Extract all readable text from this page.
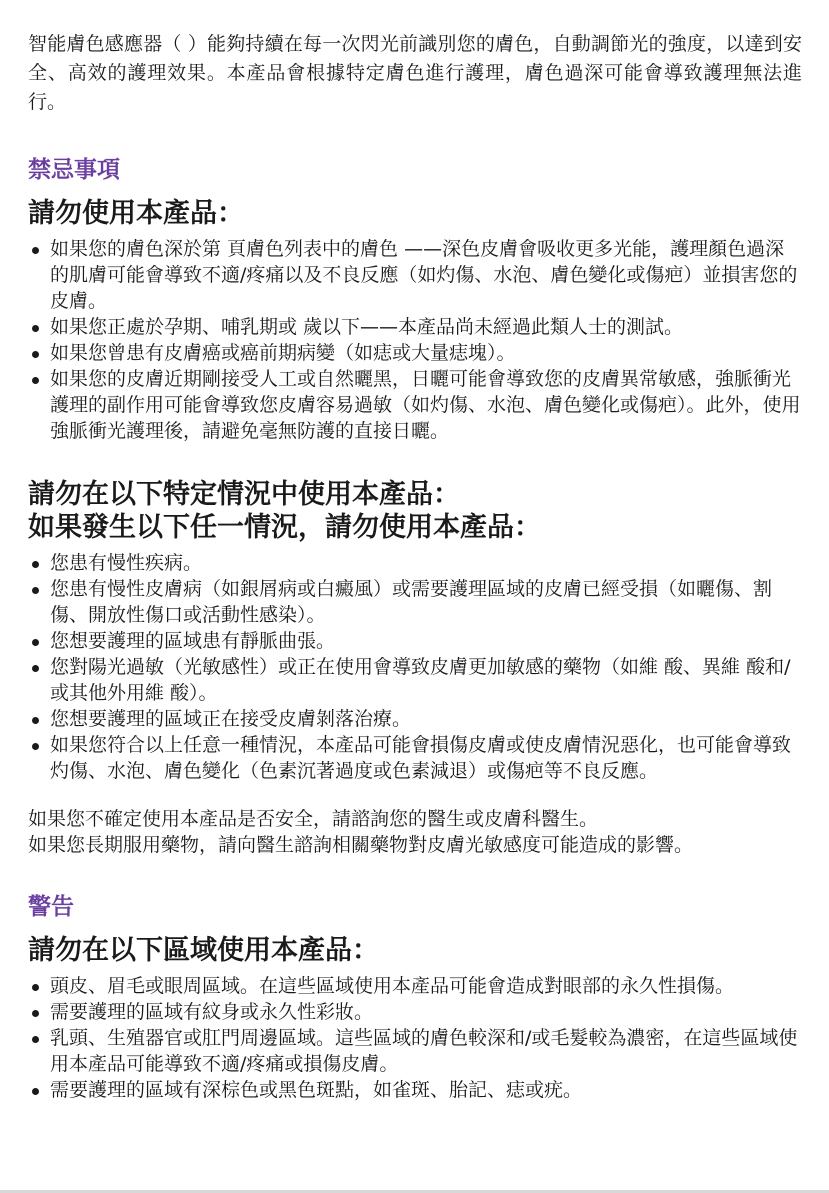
智能膚色感應器（ ）能夠持續在每一次閃光前識別您的膚色，自動調節光的強度，以達到安全、高效的護理效果。本產品會根據特定膚色進行護理，膚色過深可能會導致護理無法進行。

禁忌事項
請勿使用本產品：
如果您的膚色深於第 頁膚色列表中的膚色 ——深色皮膚會吸收更多光能，護理顏色過深的肌膚可能會導致不適/疼痛以及不良反應（如灼傷、水泡、膚色變化或傷疤）並損害您的皮膚。
如果您正處於孕期、哺乳期或 歲以下——本產品尚未經過此類人士的測試。
如果您曾患有皮膚癌或癌前期病變（如痣或大量痣塊）。
如果您的皮膚近期剛接受人工或自然曬黑，日曬可能會導致您的皮膚異常敏感，強脈衝光護理的副作用可能會導致您皮膚容易過敏（如灼傷、水泡、膚色變化或傷疤）。此外，使用強脈衝光護理後，請避免毫無防護的直接日曬。
請勿在以下特定情況中使用本產品：
如果發生以下任一情況，請勿使用本產品：
您患有慢性疾病。
您患有慢性皮膚病（如銀屑病或白癜風）或需要護理區域的皮膚已經受損（如曬傷、割傷、開放性傷口或活動性感染）。
您想要護理的區域患有靜脈曲張。
您對陽光過敏（光敏感性）或正在使用會導致皮膚更加敏感的藥物（如維 酸、異維 酸和/或其他外用維 酸）。
您想要護理的區域正在接受皮膚剝落治療。
如果您符合以上任意一種情況，本產品可能會損傷皮膚或使皮膚情況惡化，也可能會導致灼傷、水泡、膚色變化（色素沉著過度或色素減退）或傷疤等不良反應。

如果您不確定使用本產品是否安全，請諮詢您的醫生或皮膚科醫生。

如果您長期服用藥物，請向醫生諮詢相關藥物對皮膚光敏感度可能造成的影響。

警告
請勿在以下區域使用本產品：
頭皮、眉毛或眼周區域。在這些區域使用本產品可能會造成對眼部的永久性損傷。
需要護理的區域有紋身或永久性彩妝。
乳頭、生殖器官或肛門周邊區域。這些區域的膚色較深和/或毛髮較為濃密，在這些區域使用本產品可能導致不適/疼痛或損傷皮膚。
需要護理的區域有深棕色或黑色斑點，如雀斑、胎記、痣或疣。
